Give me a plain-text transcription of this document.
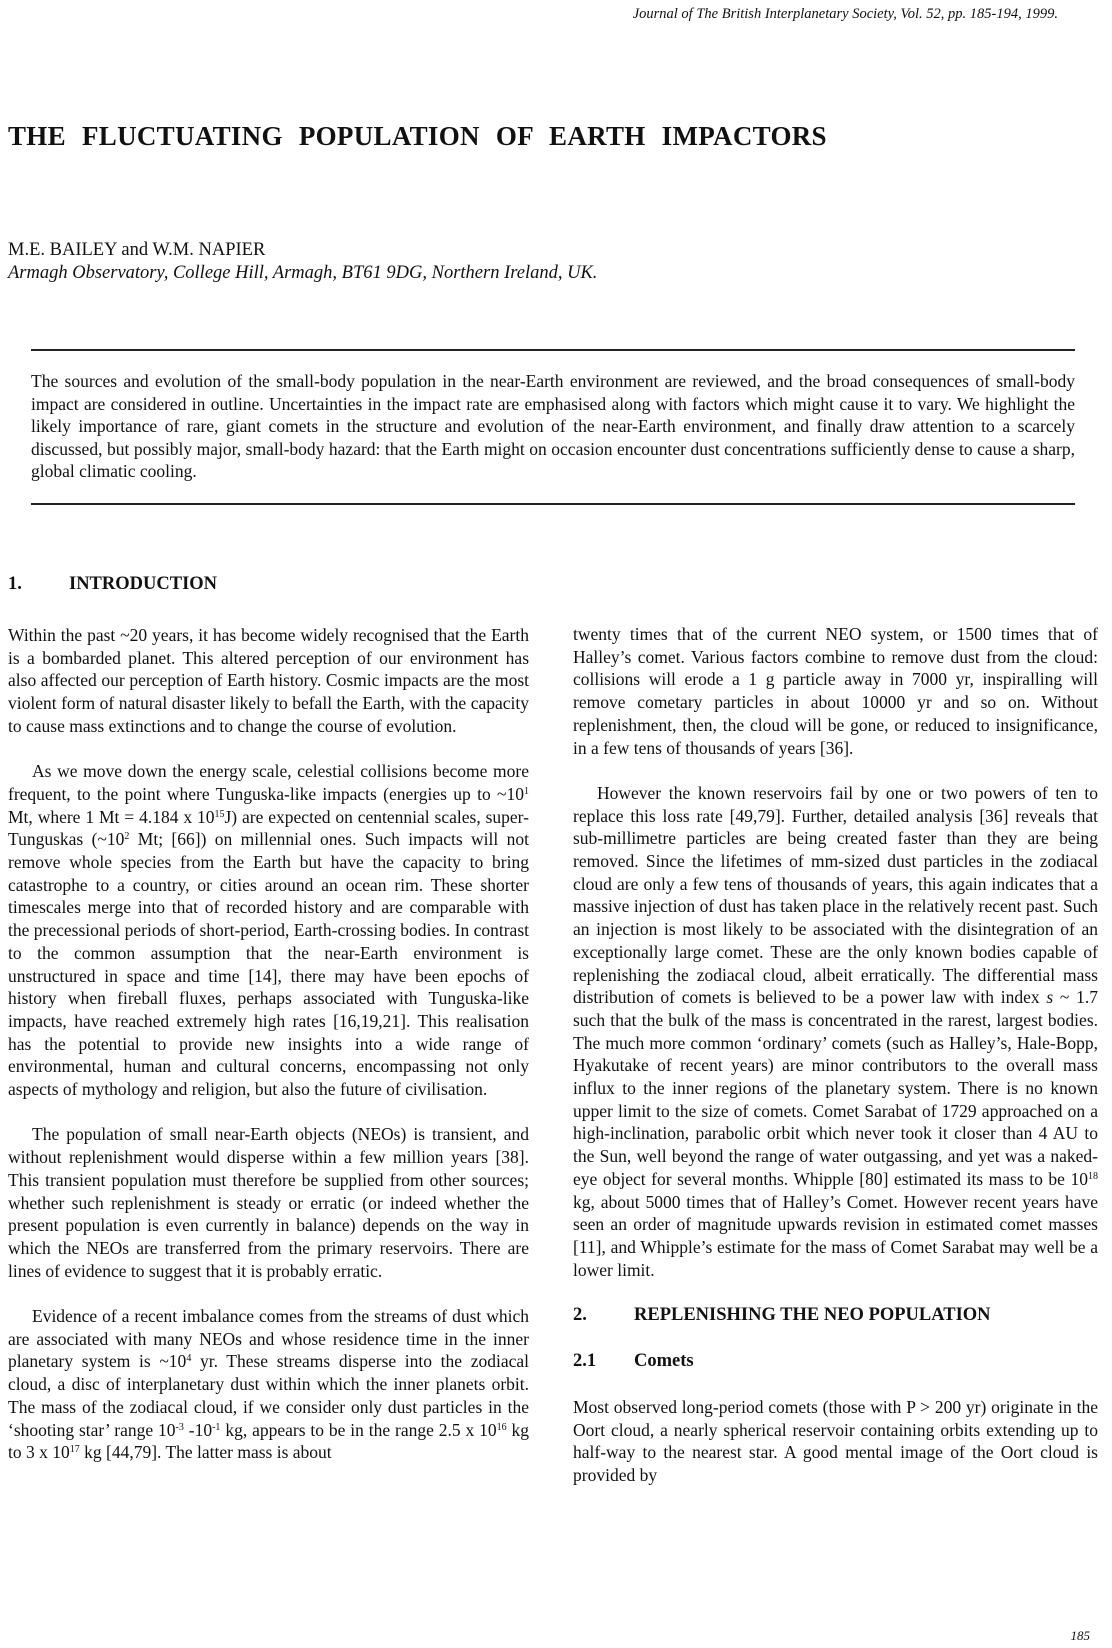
Journal of The British Interplanetary Society, Vol. 52, pp. 185-194, 1999.

THE FLUCTUATING POPULATION OF EARTH IMPACTORS

M.E. BAILEY and W.M. NAPIER

Armagh Observatory, College Hill, Armagh, BT61 9DG, Northern Ireland, UK.

The sources and evolution of the small-body population in the near-Earth environment are reviewed, and the broad consequences of small-body impact are considered in outline. Uncertainties in the impact rate are emphasised along with factors which might cause it to vary. We highlight the likely importance of rare, giant comets in the structure and evolution of the near-Earth environment, and finally draw attention to a scarcely discussed, but possibly major, small-body hazard: that the Earth might on occasion encounter dust concentrations sufficiently dense to cause a sharp, global climatic cooling.

1.	INTRODUCTION

Within the past ~20 years, it has become widely recognised that the Earth is a bombarded planet. This altered perception of our environment has also affected our perception of Earth history. Cosmic impacts are the most violent form of natural disaster likely to befall the Earth, with the capacity to cause mass extinctions and to change the course of evolution.

As we move down the energy scale, celestial collisions become more frequent, to the point where Tunguska-like impacts (energies up to $\sim 10^1$ Mt, where 1 Mt = 4.184 x $10^{15}J$) are expected on centennial scales, super-Tunguskas ($\sim 10^2$ Mt; [66]) on millennial ones. Such impacts will not remove whole species from the Earth but have the capacity to bring catastrophe to a country, or cities around an ocean rim. These shorter timescales merge into that of recorded history and are comparable with the precessional periods of short-period, Earth-crossing bodies. In contrast to the common assumption that the near-Earth environment is unstructured in space and time [14], there may have been epochs of history when fireball fluxes, perhaps associated with Tunguska-like impacts, have reached extremely high rates [16,19,21]. This realisation has the potential to provide new insights into a wide range of environmental, human and cultural concerns, encompassing not only aspects of mythology and religion, but also the future of civilisation.

The population of small near-Earth objects (NEOs) is transient, and without replenishment would disperse within a few million years [38]. This transient population must therefore be supplied from other sources; whether such replenishment is steady or erratic (or indeed whether the present population is even currently in balance) depends on the way in which the NEOs are transferred from the primary reservoirs. There are lines of evidence to suggest that it is probably erratic.

Evidence of a recent imbalance comes from the streams of dust which are associated with many NEOs and whose residence time in the inner planetary system is $\sim 10^4$ yr. These streams disperse into the zodiacal cloud, a disc of interplanetary dust within which the inner planets orbit. The mass of the zodiacal cloud, if we consider only dust particles in the ‘shooting star’ range $10^{-3}$ $-10^{-1}$ kg, appears to be in the range 2.5 x $10^{16}$ kg to 3 x $10^{17}$ kg [44,79]. The latter mass is about

twenty times that of the current NEO system, or 1500 times that of Halley’s comet. Various factors combine to remove dust from the cloud: collisions will erode a 1 g particle away in 7000 yr, inspiralling will remove cometary particles in about 10000 yr and so on. Without replenishment, then, the cloud will be gone, or reduced to insignificance, in a few tens of thousands of years [36].

However the known reservoirs fail by one or two powers of ten to replace this loss rate [49,79]. Further, detailed analysis [36] reveals that sub-millimetre particles are being created faster than they are being removed. Since the lifetimes of mm-sized dust particles in the zodiacal cloud are only a few tens of thousands of years, this again indicates that a massive injection of dust has taken place in the relatively recent past. Such an injection is most likely to be associated with the disintegration of an exceptionally large comet. These are the only known bodies capable of replenishing the zodiacal cloud, albeit erratically. The differential mass distribution of comets is believed to be a power law with index s ~ 1.7 such that the bulk of the mass is concentrated in the rarest, largest bodies. The much more common ‘ordinary’ comets (such as Halley’s, Hale-Bopp, Hyakutake of recent years) are minor contributors to the overall mass influx to the inner regions of the planetary system. There is no known upper limit to the size of comets. Comet Sarabat of 1729 approached on a high-inclination, parabolic orbit which never took it closer than 4 AU to the Sun, well beyond the range of water outgassing, and yet was a naked-eye object for several months. Whipple [80] estimated its mass to be $10^{18}$ kg, about 5000 times that of Halley’s Comet. However recent years have seen an order of magnitude upwards revision in estimated comet masses [11], and Whipple’s estimate for the mass of Comet Sarabat may well be a lower limit.

2.	REPLENISHING THE NEO POPULATION
2.1 Comets

Most observed long-period comets (those with P > 200 yr) originate in the Oort cloud, a nearly spherical reservoir containing orbits extending up to half-way to the nearest star. A good mental image of the Oort cloud is provided by

185
